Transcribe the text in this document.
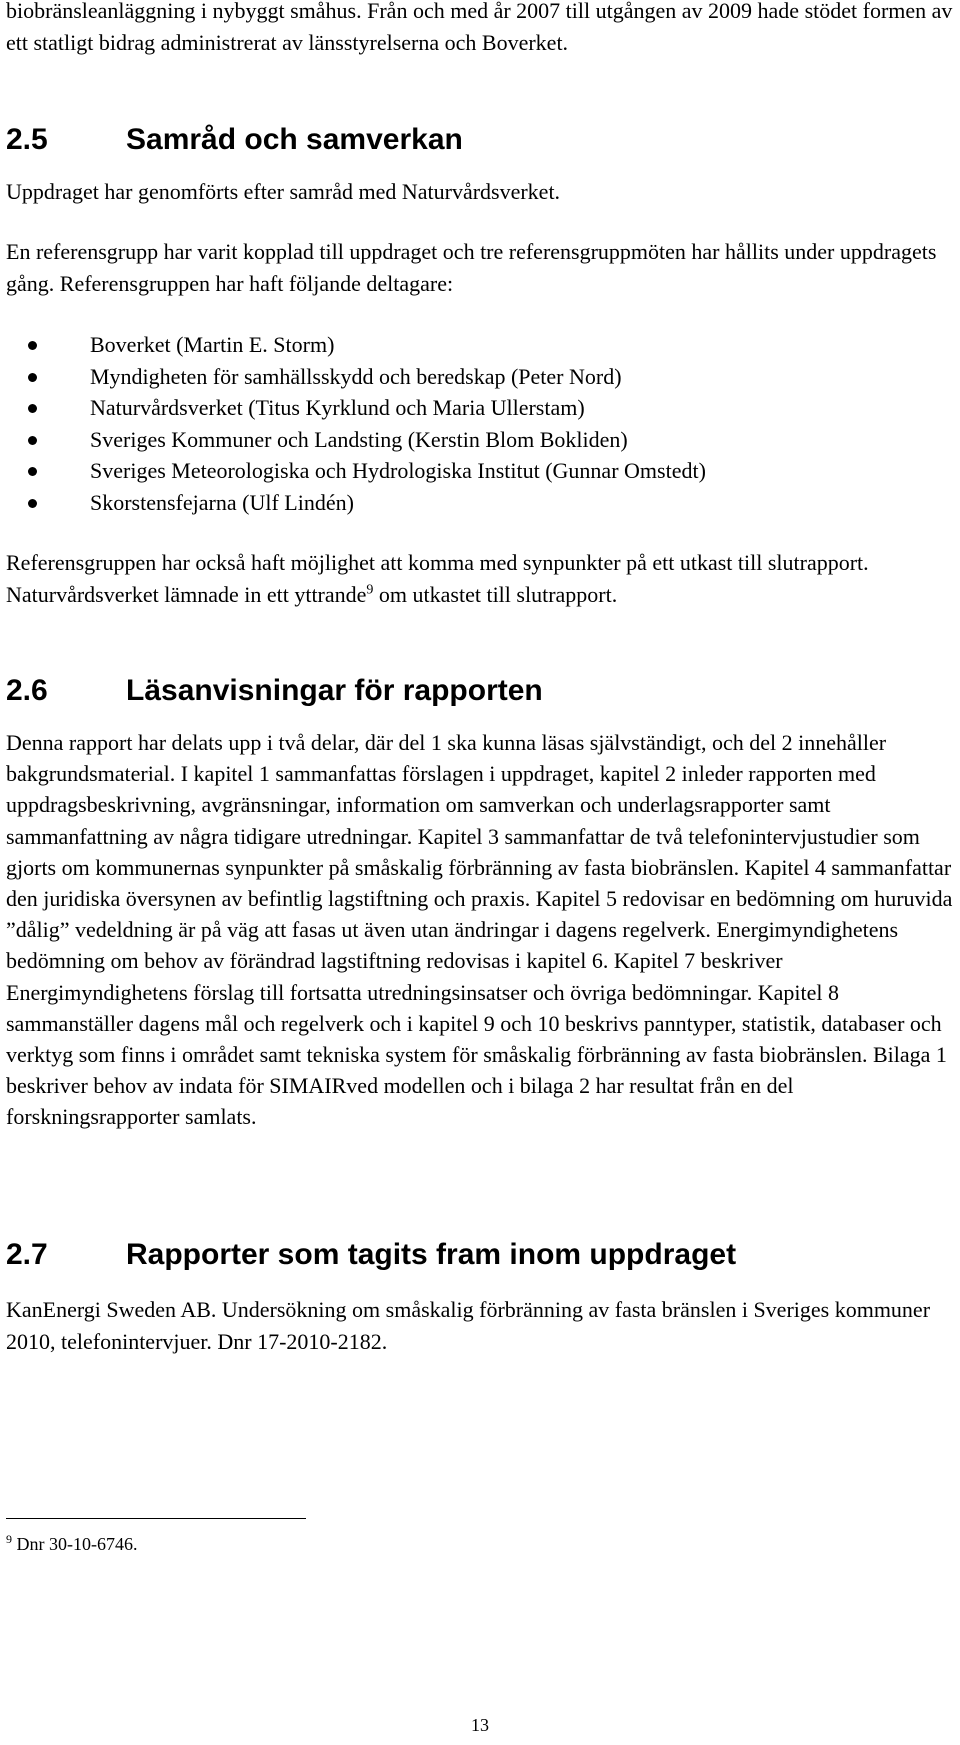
biobränsleanläggning i nybyggt småhus. Från och med år 2007 till utgången av 2009 hade stödet formen av ett statligt bidrag administrerat av länsstyrelserna och Boverket.

2.5	Samråd och samverkan

Uppdraget har genomförts efter samråd med Naturvårdsverket.

En referensgrupp har varit kopplad till uppdraget och tre referensgruppmöten har hållits under uppdragets gång. Referensgruppen har haft följande deltagare:

Boverket (Martin E. Storm)
Myndigheten för samhällsskydd och beredskap (Peter Nord)
Naturvårdsverket (Titus Kyrklund och Maria Ullerstam)
Sveriges Kommuner och Landsting (Kerstin Blom Bokliden)
Sveriges Meteorologiska och Hydrologiska Institut (Gunnar Omstedt)
Skorstensfejarna (Ulf Lindén)

Referensgruppen har också haft möjlighet att komma med synpunkter på ett utkast till slutrapport. Naturvårdsverket lämnade in ett yttrande$^9$ om utkastet till slutrapport.

2.6	Läsanvisningar för rapporten

Denna rapport har delats upp i två delar, där del 1 ska kunna läsas självständigt, och del 2 innehåller bakgrundsmaterial. I kapitel 1 sammanfattas förslagen i uppdraget, kapitel 2 inleder rapporten med uppdragsbeskrivning, avgränsningar, information om samverkan och underlagsrapporter samt sammanfattning av några tidigare utredningar. Kapitel 3 sammanfattar de två telefonintervjustudier som gjorts om kommunernas synpunkter på småskalig förbränning av fasta biobränslen. Kapitel 4 sammanfattar den juridiska översynen av befintlig lagstiftning och praxis. Kapitel 5 redovisar en bedömning om huruvida ”dålig” vedeldning är på väg att fasas ut även utan ändringar i dagens regelverk. Energimyndighetens bedömning om behov av förändrad lagstiftning redovisas i kapitel 6. Kapitel 7 beskriver Energimyndighetens förslag till fortsatta utredningsinsatser och övriga bedömningar. Kapitel 8 sammanställer dagens mål och regelverk och i kapitel 9 och 10 beskrivs panntyper, statistik, databaser och verktyg som finns i området samt tekniska system för småskalig förbränning av fasta biobränslen. Bilaga 1 beskriver behov av indata för SIMAIRved modellen och i bilaga 2 har resultat från en del forskningsrapporter samlats.

2.7	Rapporter som tagits fram inom uppdraget

KanEnergi Sweden AB. Undersökning om småskalig förbränning av fasta bränslen i Sveriges kommuner 2010, telefonintervjuer. Dnr 17-2010-2182.

$^9$ Dnr 30-10-6746.
13
